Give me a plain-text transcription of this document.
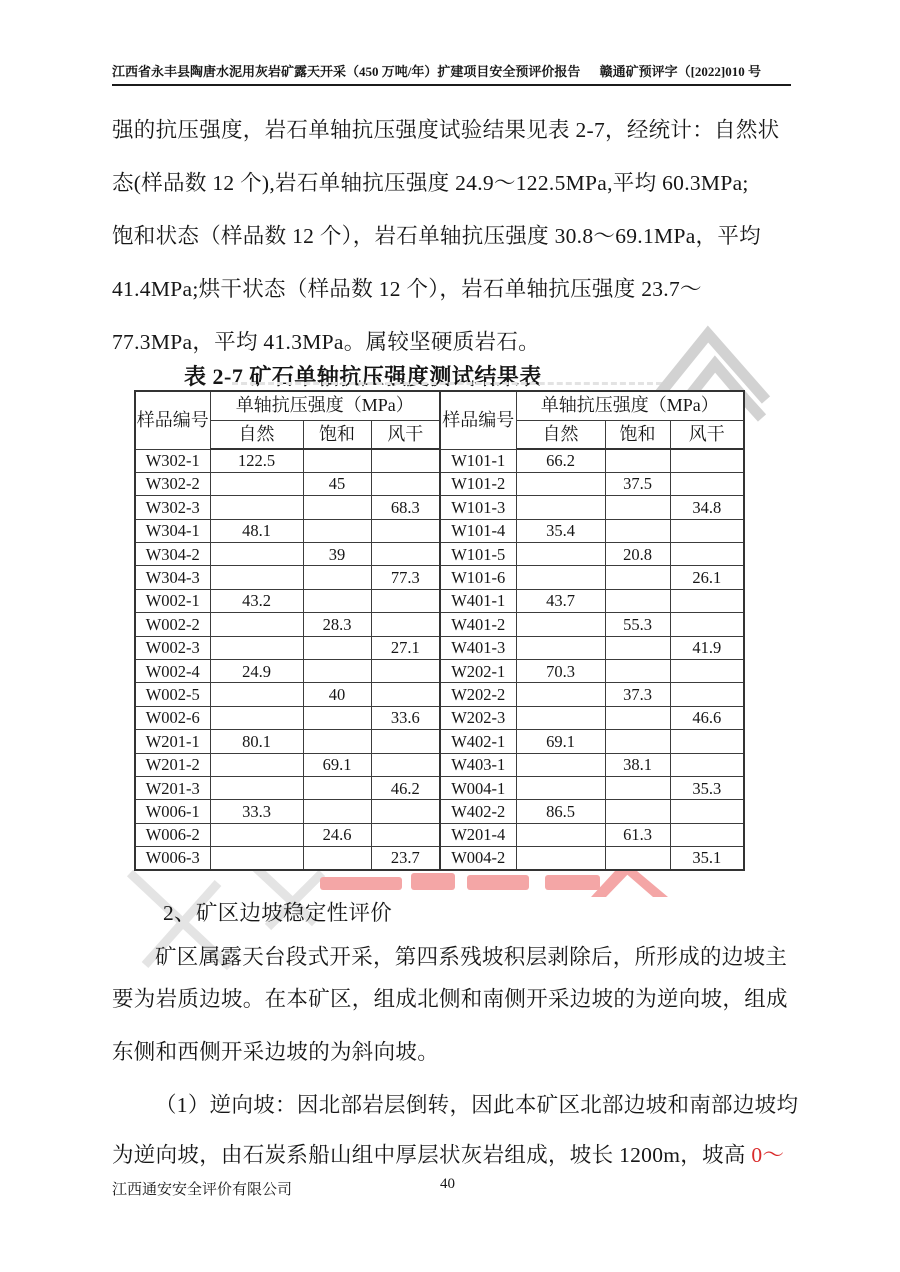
江西省永丰县陶唐水泥用灰岩矿露天开采（450 万吨/年）扩建项目安全预评价报告 赣通矿预评字（[2022]010 号
强的抗压强度，岩石单轴抗压强度试验结果见表 2-7，经统计：自然状
态(样品数 12 个),岩石单轴抗压强度 24.9～122.5MPa,平均 60.3MPa;
饱和状态（样品数 12 个），岩石单轴抗压强度 30.8～69.1MPa，平均
41.4MPa;烘干状态（样品数 12 个），岩石单轴抗压强度 23.7～
77.3MPa，平均 41.3MPa。属较坚硬质岩石。
表 2-7 矿石单轴抗压强度测试结果表
样品编号	单轴抗压强度（MPa）			样品编号	单轴抗压强度（MPa）		
	自然	饱和	风干		自然	饱和	风干
W302-1	122.5			W101-1	66.2		
W302-2		45		W101-2		37.5	
W302-3			68.3	W101-3			34.8
W304-1	48.1			W101-4	35.4		
W304-2		39		W101-5		20.8	
W304-3			77.3	W101-6			26.1
W002-1	43.2			W401-1	43.7		
W002-2		28.3		W401-2		55.3	
W002-3			27.1	W401-3			41.9
W002-4	24.9			W202-1	70.3		
W002-5		40		W202-2		37.3	
W002-6			33.6	W202-3			46.6
W201-1	80.1			W402-1	69.1		
W201-2		69.1		W403-1		38.1	
W201-3			46.2	W004-1			35.3
W006-1	33.3			W402-2	86.5		
W006-2		24.6		W201-4		61.3	
W006-3			23.7	W004-2			35.1
2、矿区边坡稳定性评价
矿区属露天台段式开采，第四系残坡积层剥除后，所形成的边坡主
要为岩质边坡。在本矿区，组成北侧和南侧开采边坡的为逆向坡，组成
东侧和西侧开采边坡的为斜向坡。
（1）逆向坡：因北部岩层倒转，因此本矿区北部边坡和南部边坡均
为逆向坡，由石炭系船山组中厚层状灰岩组成，坡长 1200m，坡高 0～
江西通安安全评价有限公司	40
